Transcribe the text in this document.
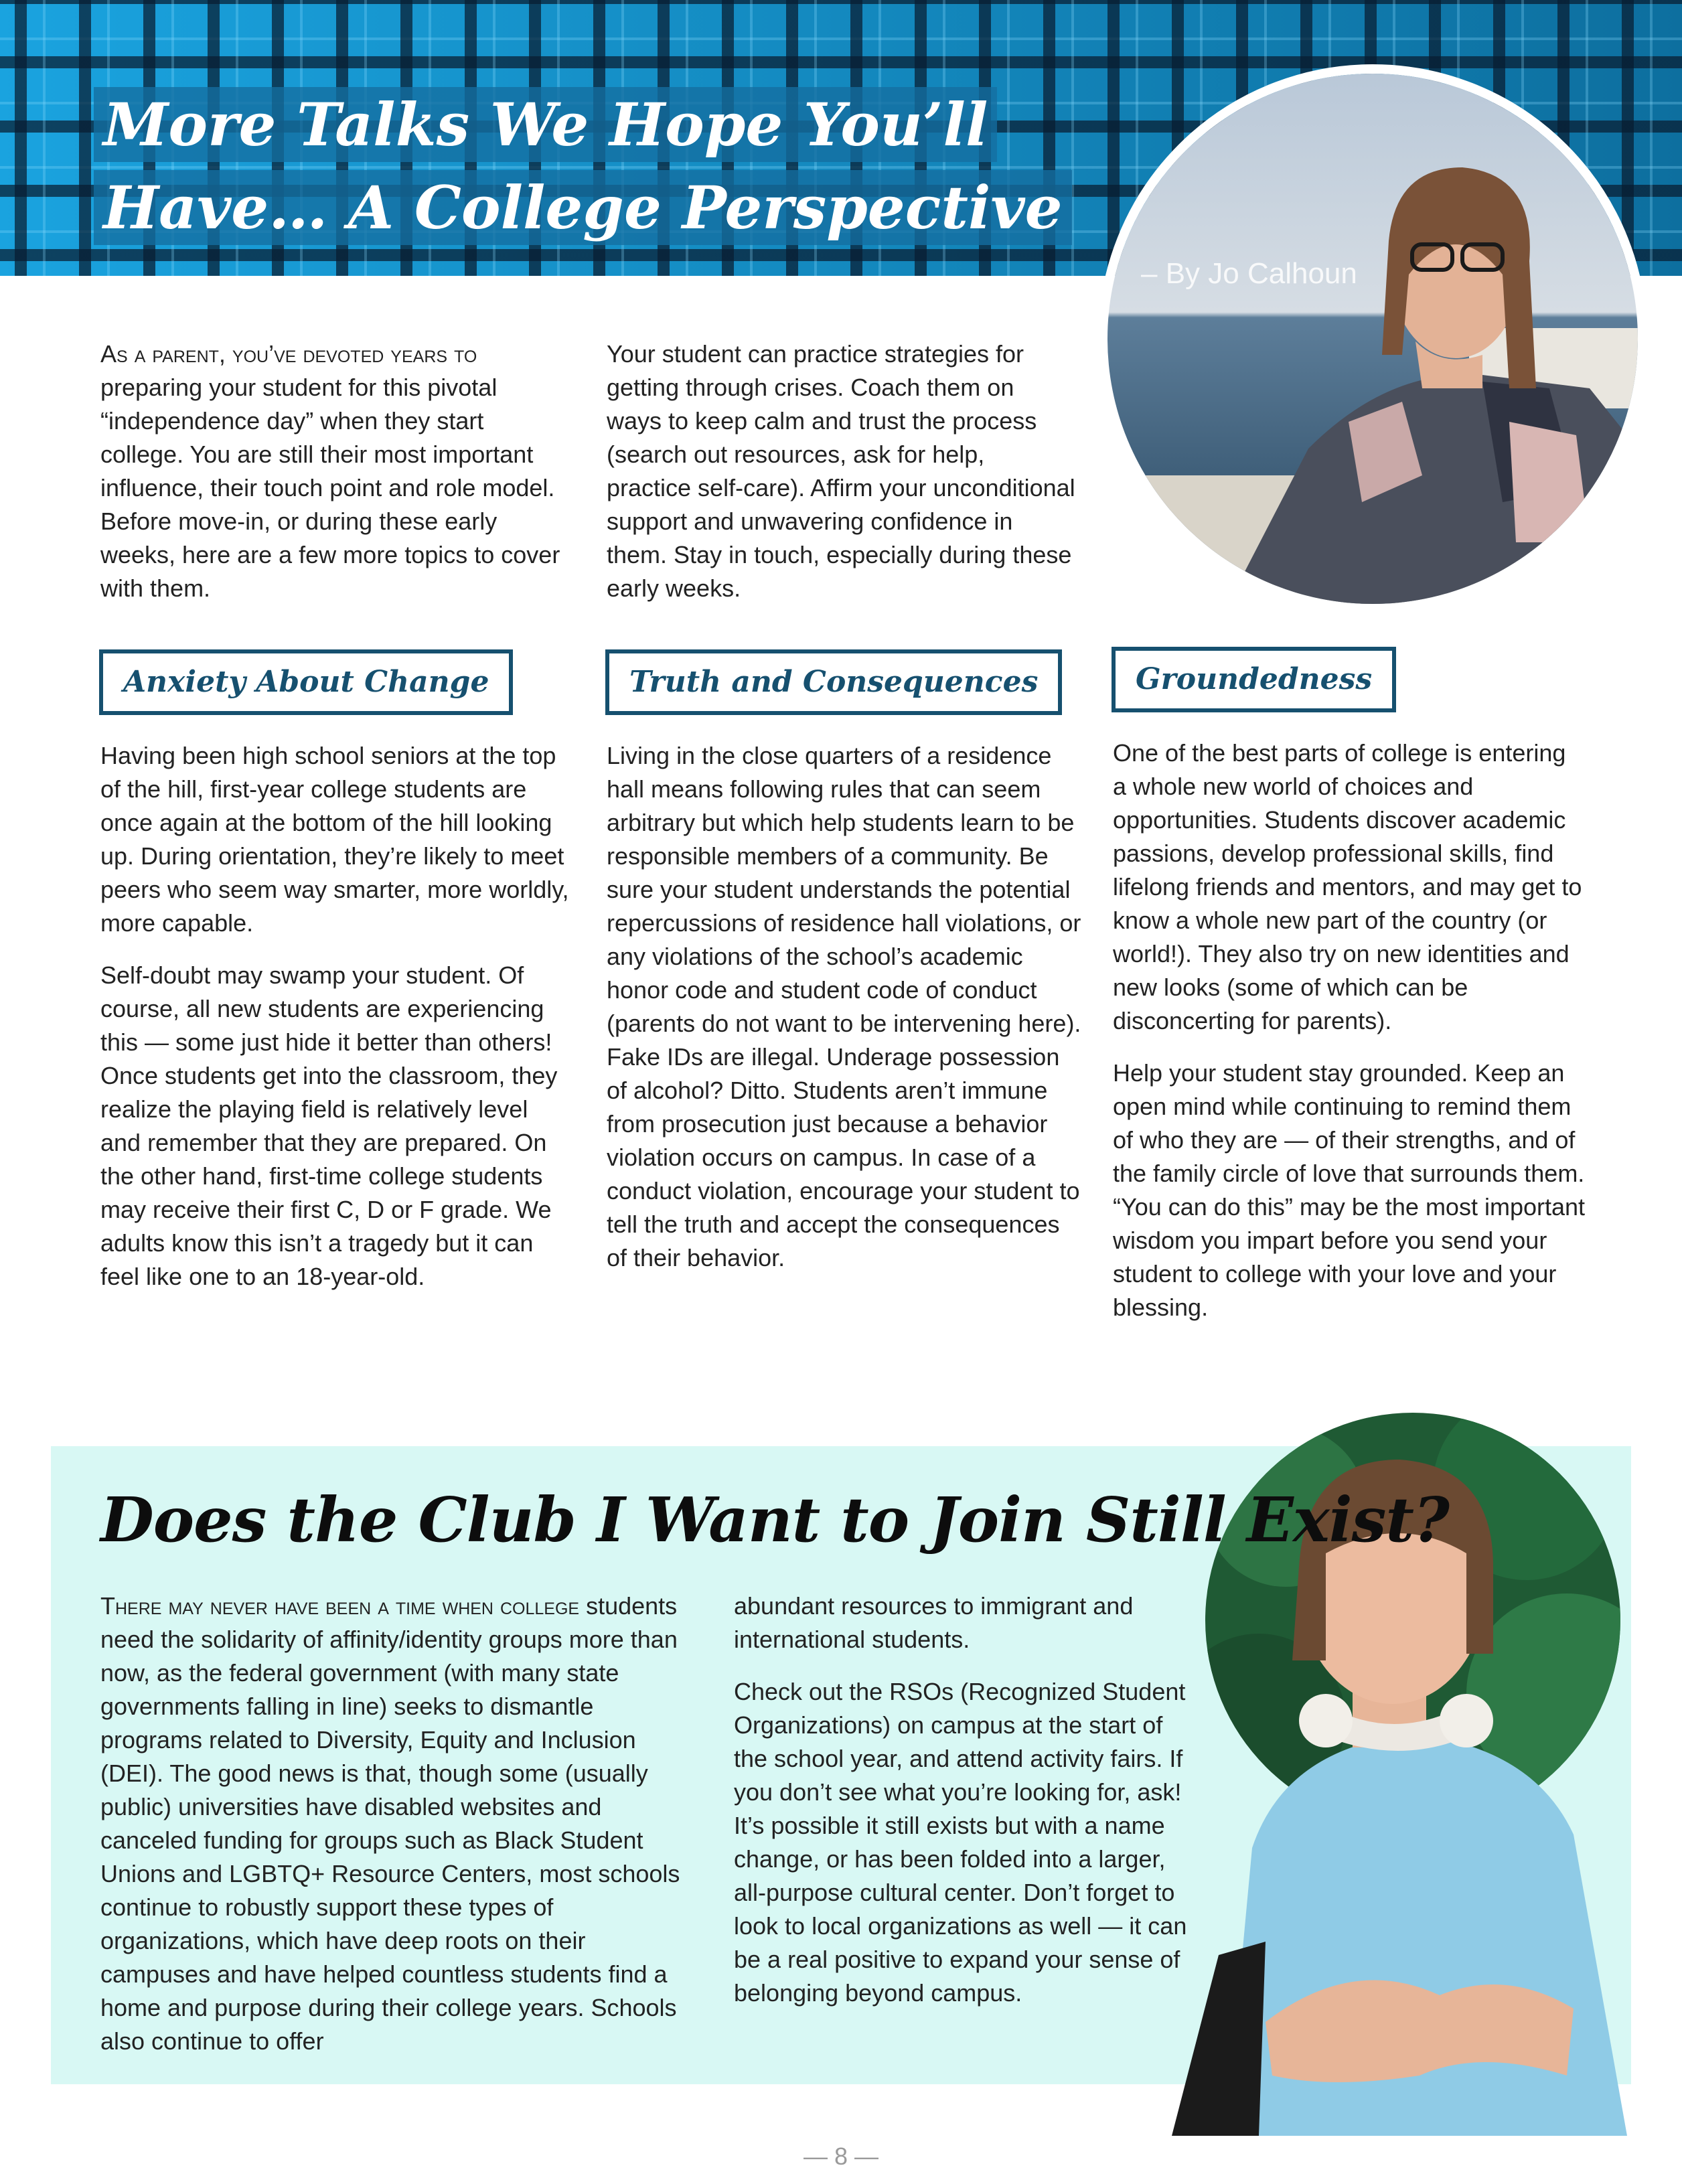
More Talks We Hope You’ll
Have… A College Perspective
– By Jo Calhoun

As a parent, you’ve devoted years to preparing your student for this pivotal “independence day” when they start college. You are still their most important influence, their touch point and role model. Before move-in, or during these early weeks, here are a few more topics to cover with them.

Your student can practice strategies for getting through crises. Coach them on ways to keep calm and trust the process (search out resources, ask for help, practice self-care). Affirm your unconditional support and unwavering confidence in them. Stay in touch, especially during these early weeks.

Anxiety About Change	Truth and Consequences	Groundedness

Having been high school seniors at the top of the hill, first-year college students are once again at the bottom of the hill looking up. During orientation, they’re likely to meet peers who seem way smarter, more worldly, more capable.

Self-doubt may swamp your student. Of course, all new students are experiencing this — some just hide it better than others! Once students get into the classroom, they realize the playing field is relatively level and remember that they are prepared. On the other hand, first-time college students may receive their first C, D or F grade. We adults know this isn’t a tragedy but it can feel like one to an 18-year-old.

Living in the close quarters of a residence hall means following rules that can seem arbitrary but which help students learn to be responsible members of a community. Be sure your student understands the potential repercussions of residence hall violations, or any violations of the school’s academic honor code and student code of conduct (parents do not want to be intervening here). Fake IDs are illegal. Underage possession of alcohol? Ditto. Students aren’t immune from prosecution just because a behavior violation occurs on campus. In case of a conduct violation, encourage your student to tell the truth and accept the consequences of their behavior.

One of the best parts of college is entering a whole new world of choices and opportunities. Students discover academic passions, develop professional skills, find lifelong friends and mentors, and may get to know a whole new part of the country (or world!). They also try on new identities and new looks (some of which can be disconcerting for parents).

Help your student stay grounded. Keep an open mind while continuing to remind them of who they are — of their strengths, and of the family circle of love that surrounds them. “You can do this” may be the most important wisdom you impart before you send your student to college with your love and your blessing.

Does the Club I Want to Join Still Exist?

There may never have been a time when college students need the solidarity of affinity/identity groups more than now, as the federal government (with many state governments falling in line) seeks to dismantle programs related to Diversity, Equity and Inclusion (DEI). The good news is that, though some (usually public) universities have disabled websites and canceled funding for groups such as Black Student Unions and LGBTQ+ Resource Centers, most schools continue to robustly support these types of organizations, which have deep roots on their campuses and have helped countless students find a home and purpose during their college years. Schools also continue to offer

abundant resources to immigrant and international students.

Check out the RSOs (Recognized Student Organizations) on campus at the start of the school year, and attend activity fairs. If you don’t see what you’re looking for, ask! It’s possible it still exists but with a name change, or has been folded into a larger, all-purpose cultural center. Don’t forget to look to local organizations as well — it can be a real positive to expand your sense of belonging beyond campus.

— 8 —
